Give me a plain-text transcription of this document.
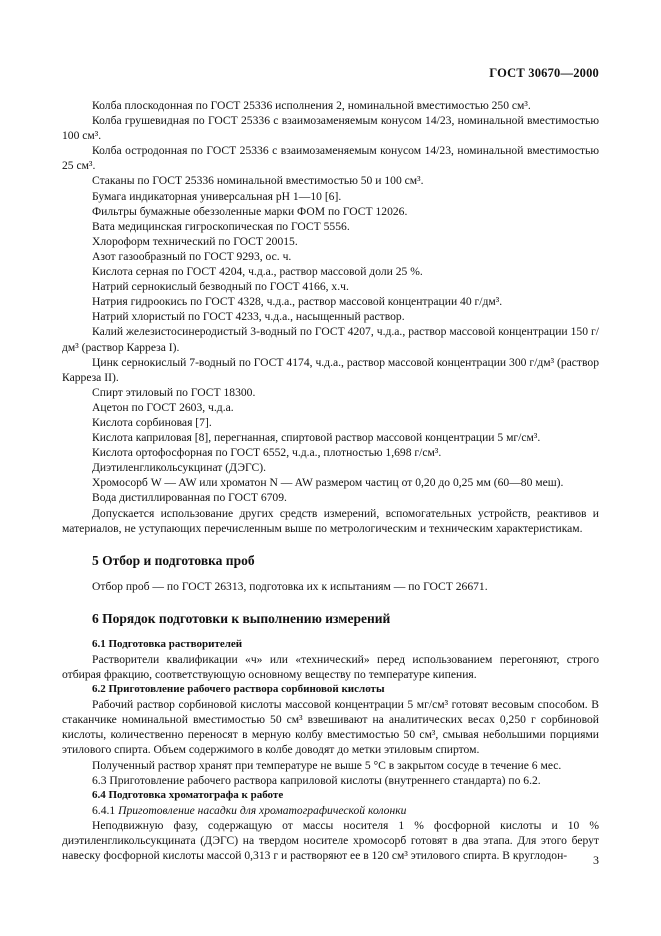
ГОСТ 30670—2000

Колба плоскодонная по ГОСТ 25336 исполнения 2, номинальной вместимостью 250 см³.

Колба грушевидная по ГОСТ 25336 с взаимозаменяемым конусом 14/23, номинальной вместимостью 100 см³.

Колба остродонная по ГОСТ 25336 с взаимозаменяемым конусом 14/23, номинальной вместимостью 25 см³.

Стаканы по ГОСТ 25336 номинальной вместимостью 50 и 100 см³.

Бумага индикаторная универсальная pH 1—10 [6].

Фильтры бумажные обеззоленные марки ФОМ по ГОСТ 12026.

Вата медицинская гигроскопическая по ГОСТ 5556.

Хлороформ технический по ГОСТ 20015.

Азот газообразный по ГОСТ 9293, ос. ч.

Кислота серная по ГОСТ 4204, ч.д.а., раствор массовой доли 25 %.

Натрий сернокислый безводный по ГОСТ 4166, х.ч.

Натрия гидроокись по ГОСТ 4328, ч.д.а., раствор массовой концентрации 40 г/дм³.

Натрий хлористый по ГОСТ 4233, ч.д.а., насыщенный раствор.

Калий железистосинеродистый 3-водный по ГОСТ 4207, ч.д.а., раствор массовой концентрации 150 г/дм³ (раствор Карреза I).

Цинк сернокислый 7-водный по ГОСТ 4174, ч.д.а., раствор массовой концентрации 300 г/дм³ (раствор Карреза II).

Спирт этиловый по ГОСТ 18300.

Ацетон по ГОСТ 2603, ч.д.а.

Кислота сорбиновая [7].

Кислота каприловая [8], перегнанная, спиртовой раствор массовой концентрации 5 мг/см³.

Кислота ортофосфорная по ГОСТ 6552, ч.д.а., плотностью 1,698 г/см³.

Диэтиленгликольсукцинат (ДЭГС).

Хромосорб W — AW или хроматон N — AW размером частиц от 0,20 до 0,25 мм (60—80 меш).

Вода дистиллированная по ГОСТ 6709.

Допускается использование других средств измерений, вспомогательных устройств, реактивов и материалов, не уступающих перечисленным выше по метрологическим и техническим характеристикам.

5 Отбор и подготовка проб

Отбор проб — по ГОСТ 26313, подготовка их к испытаниям — по ГОСТ 26671.

6 Порядок подготовки к выполнению измерений

6.1 Подготовка растворителей

Растворители квалификации «ч» или «технический» перед использованием перегоняют, строго отбирая фракцию, соответствующую основному веществу по температуре кипения.

6.2 Приготовление рабочего раствора сорбиновой кислоты

Рабочий раствор сорбиновой кислоты массовой концентрации 5 мг/см³ готовят весовым способом. В стаканчике номинальной вместимостью 50 см³ взвешивают на аналитических весах 0,250 г сорбиновой кислоты, количественно переносят в мерную колбу вместимостью 50 см³, смывая небольшими порциями этилового спирта. Объем содержимого в колбе доводят до метки этиловым спиртом.

Полученный раствор хранят при температуре не выше 5 °С в закрытом сосуде в течение 6 мес.

6.3 Приготовление рабочего раствора каприловой кислоты (внутреннего стандарта) по 6.2.

6.4 Подготовка хроматографа к работе

6.4.1 Приготовление насадки для хроматографической колонки

Неподвижную фазу, содержащую от массы носителя 1 % фосфорной кислоты и 10 % диэтиленгликольсукцината (ДЭГС) на твердом носителе хромосорб готовят в два этапа. Для этого берут навеску фосфорной кислоты массой 0,313 г и растворяют ее в 120 см³ этилового спирта. В круглодон-	3
